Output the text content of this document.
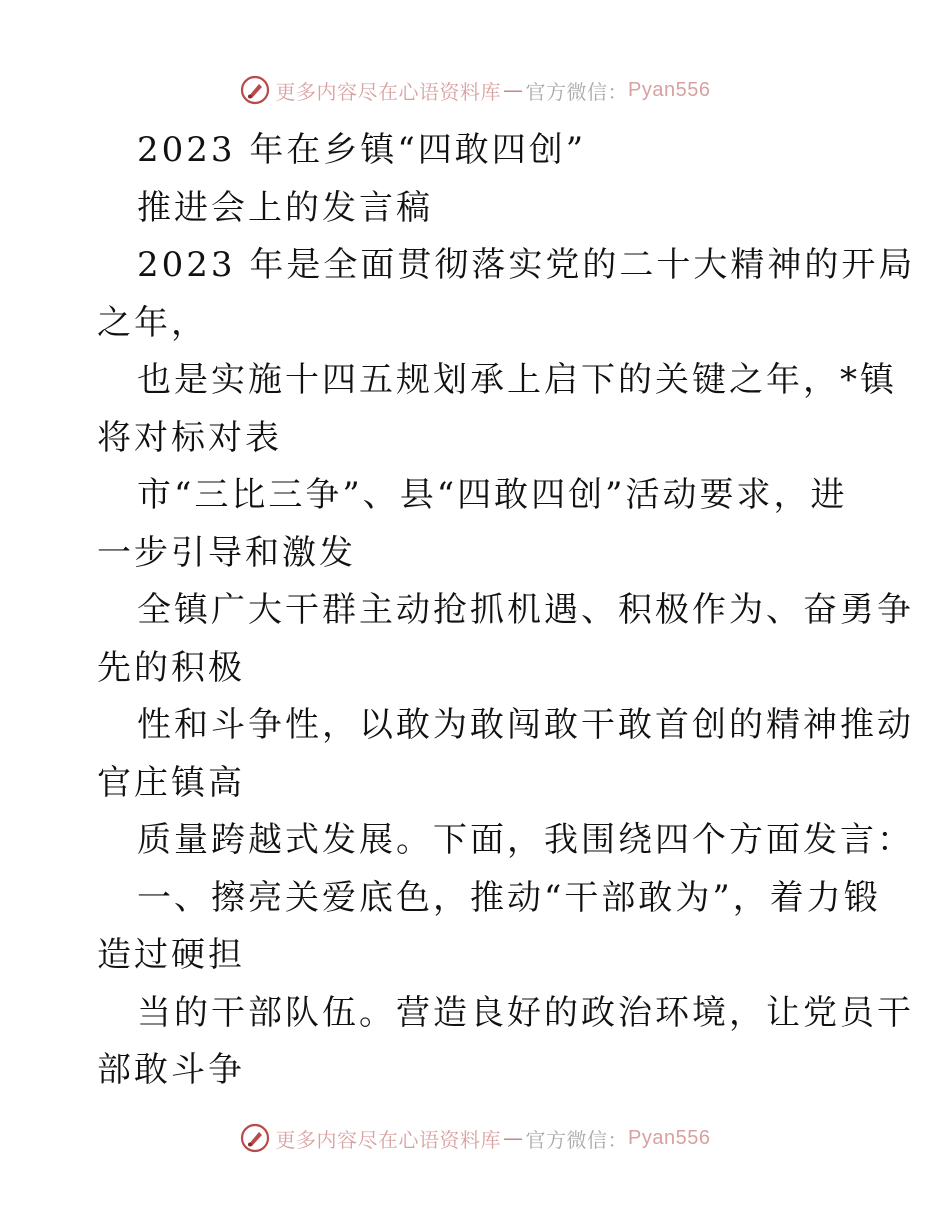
更多内容尽在心语资料库 — 官方微信： Pyan556
2023 年在乡镇“四敢四创”
推进会上的发言稿
2023 年是全面贯彻落实党的二十大精神的开局
之年，
也是实施十四五规划承上启下的关键之年，*镇
将对标对表
市“三比三争”、县“四敢四创”活动要求，进
一步引导和激发
全镇广大干群主动抢抓机遇、积极作为、奋勇争
先的积极
性和斗争性，以敢为敢闯敢干敢首创的精神推动
官庄镇高
质量跨越式发展。下面，我围绕四个方面发言：
一、擦亮关爱底色，推动“干部敢为”，着力锻
造过硬担
当的干部队伍。营造良好的政治环境，让党员干
部敢斗争
更多内容尽在心语资料库 — 官方微信： Pyan556
